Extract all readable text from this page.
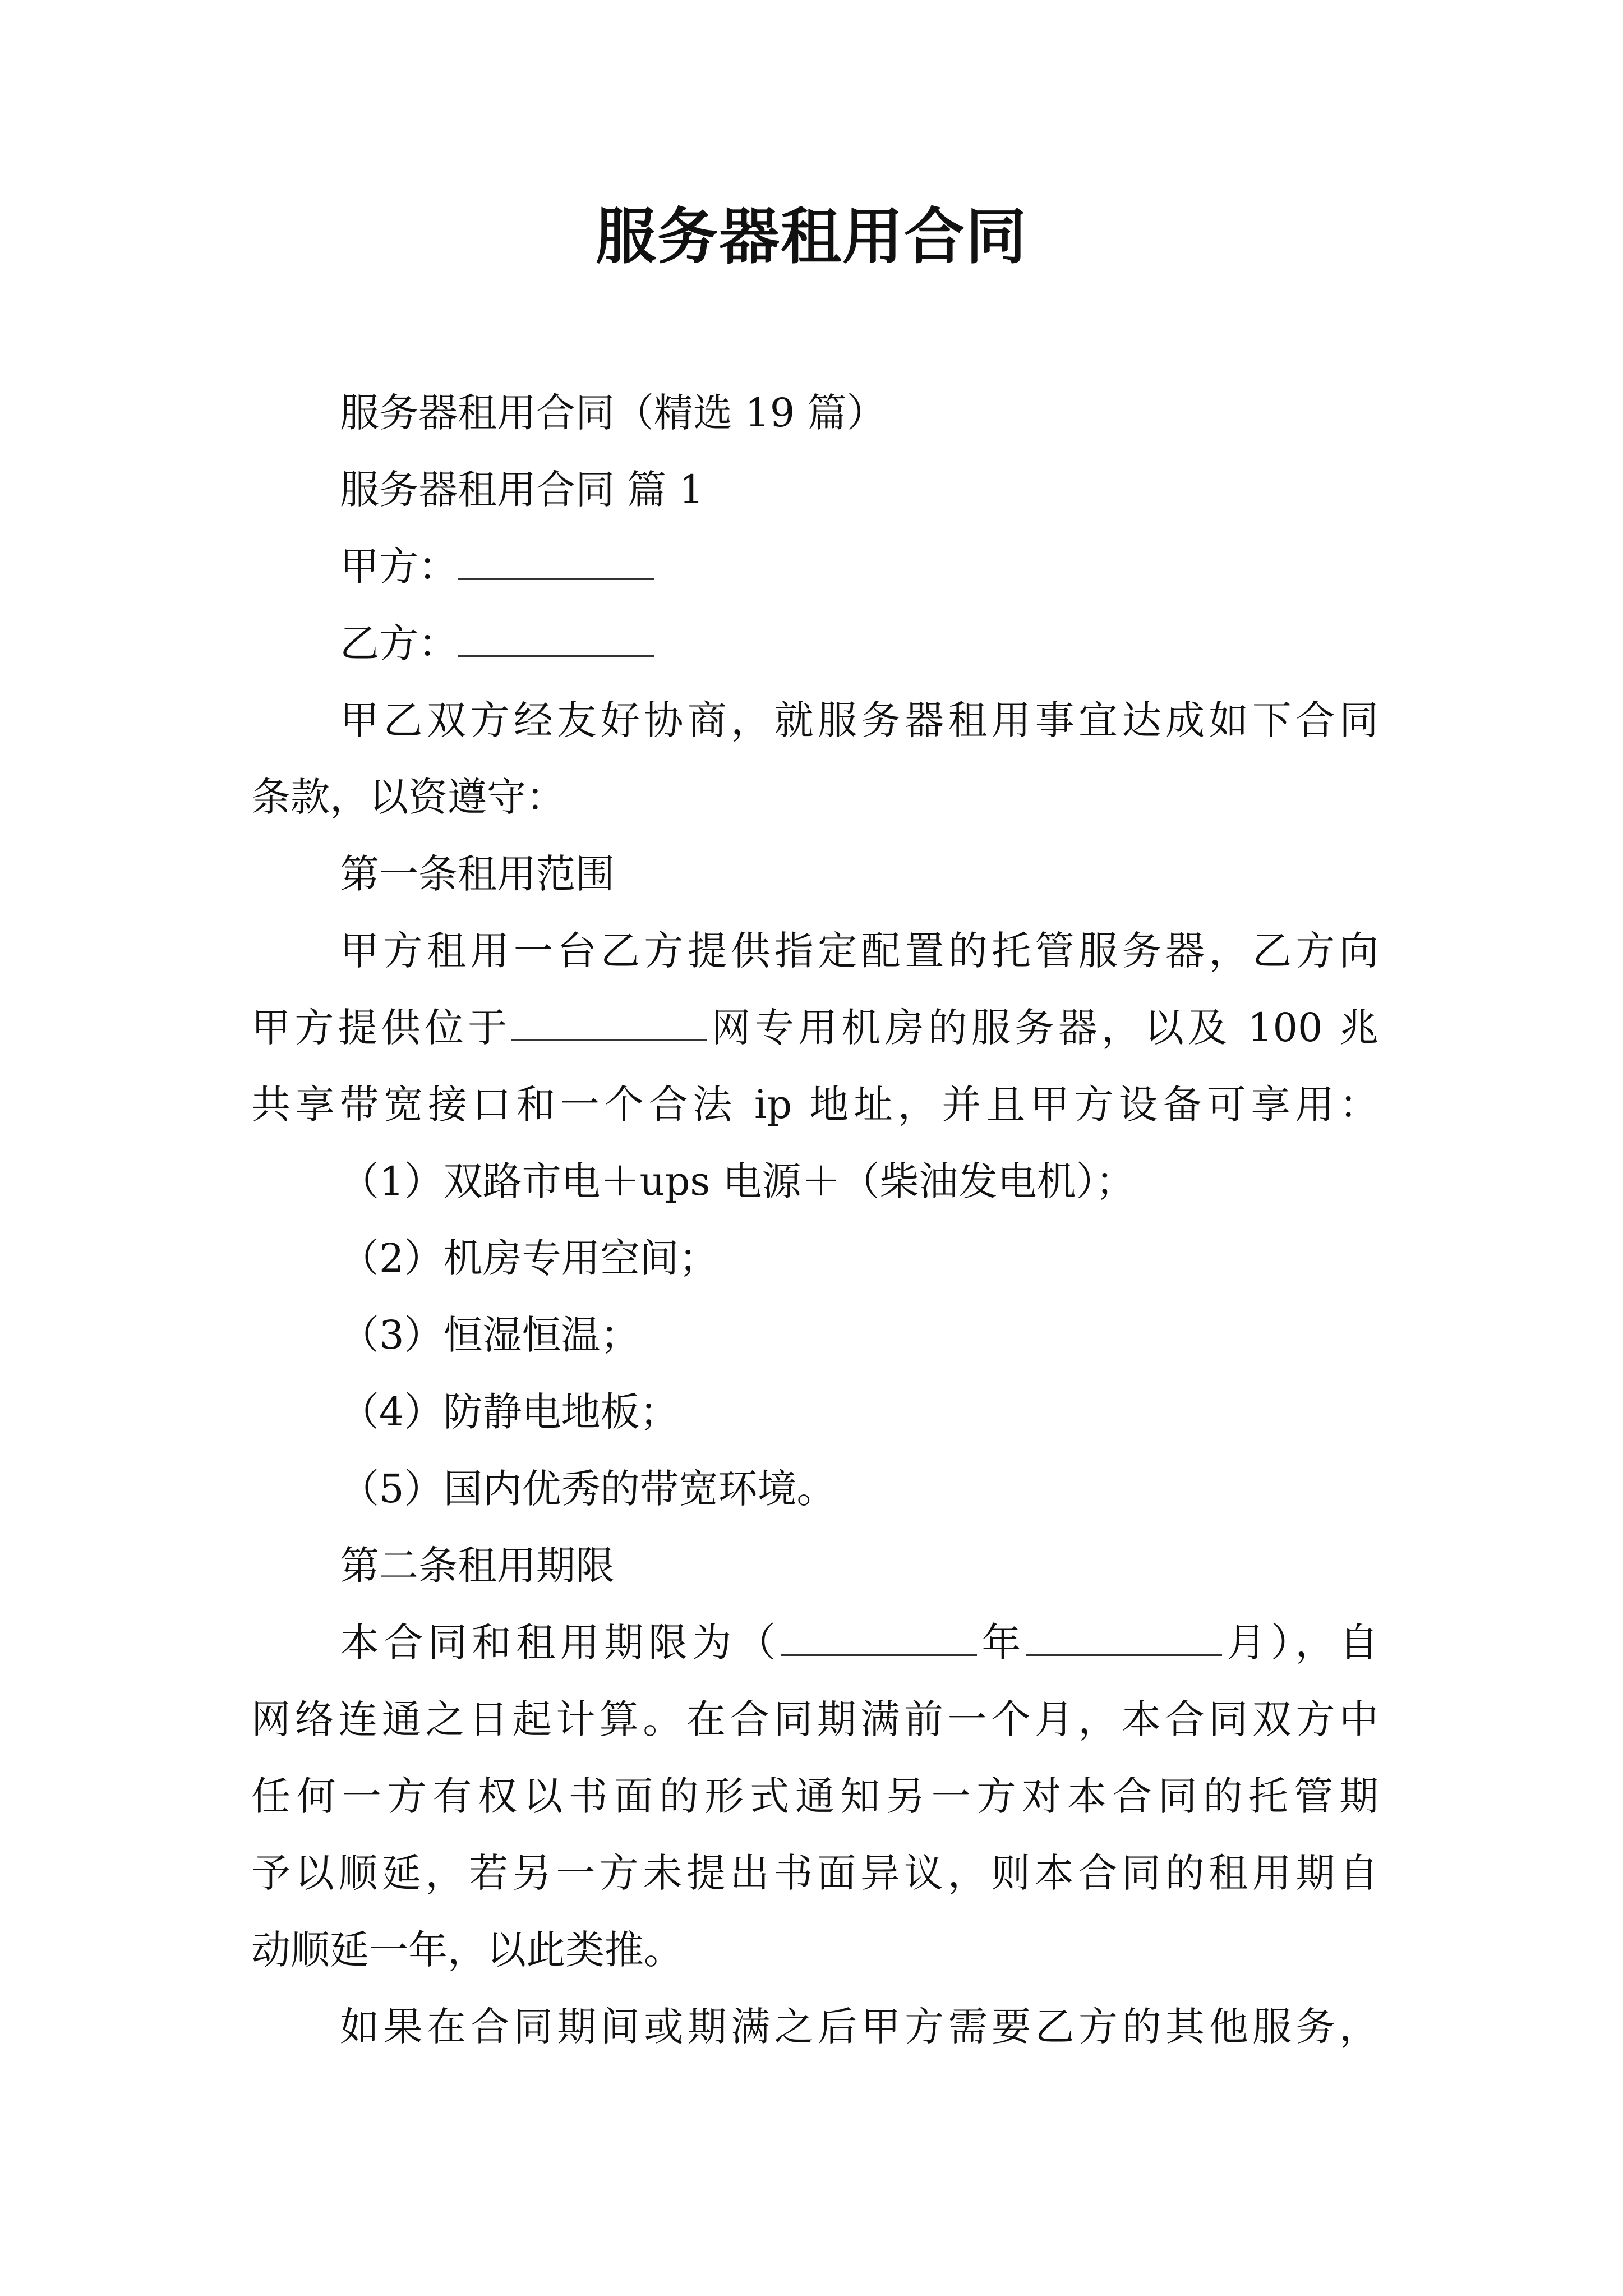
服务器租用合同

服务器租用合同（精选 19 篇）

服务器租用合同 篇 1

甲方：

乙方：

甲乙双方经友好协商，就服务器租用事宜达成如下合同

条款，以资遵守：

第一条租用范围

甲方租用一台乙方提供指定配置的托管服务器，乙方向

甲方提供位于	网专用机房的服务器，以及 100 兆

共享带宽接口和一个合法 ip 地址，并且甲方设备可享用：

（1）双路市电＋ups 电源＋（柴油发电机）；

（2）机房专用空间；

（3）恒湿恒温；

（4）防静电地板；

（5）国内优秀的带宽环境。

第二条租用期限

本合同和租用期限为（	年	月），自

网络连通之日起计算。在合同期满前一个月，本合同双方中

任何一方有权以书面的形式通知另一方对本合同的托管期

予以顺延，若另一方未提出书面异议，则本合同的租用期自

动顺延一年，以此类推。

如果在合同期间或期满之后甲方需要乙方的其他服务，
